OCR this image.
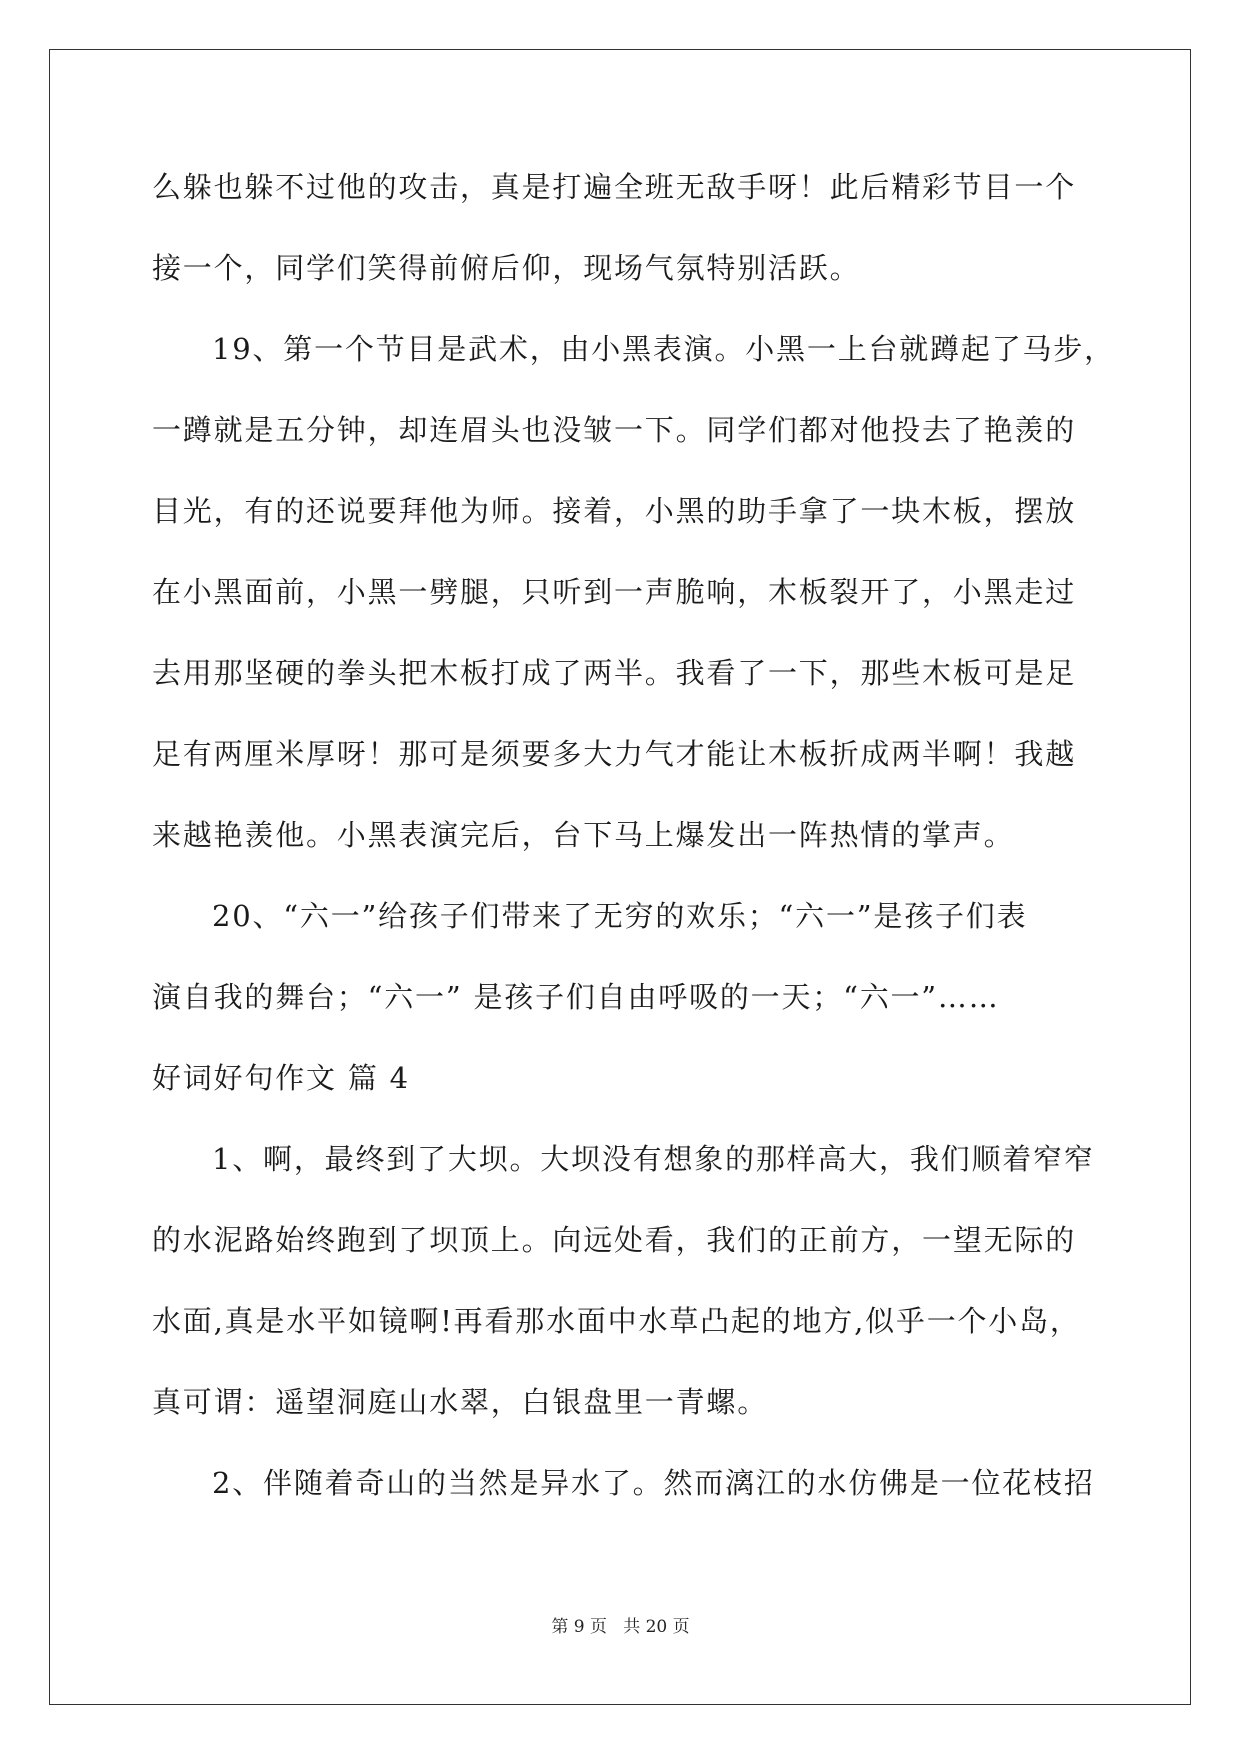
么躲也躲不过他的攻击，真是打遍全班无敌手呀！此后精彩节目一个
接一个，同学们笑得前俯后仰，现场气氛特别活跃。
19、第一个节目是武术，由小黑表演。小黑一上台就蹲起了马步，
一蹲就是五分钟，却连眉头也没皱一下。同学们都对他投去了艳羡的
目光，有的还说要拜他为师。接着，小黑的助手拿了一块木板，摆放
在小黑面前，小黑一劈腿，只听到一声脆响，木板裂开了，小黑走过
去用那坚硬的拳头把木板打成了两半。我看了一下，那些木板可是足
足有两厘米厚呀！那可是须要多大力气才能让木板折成两半啊！我越
来越艳羡他。小黑表演完后，台下马上爆发出一阵热情的掌声。
20、“六一”给孩子们带来了无穷的欢乐；“六一”是孩子们表
演自我的舞台；“六一” 是孩子们自由呼吸的一天；“六一”……
好词好句作文 篇 4
1、啊，最终到了大坝。大坝没有想象的那样高大，我们顺着窄窄
的水泥路始终跑到了坝顶上。向远处看，我们的正前方，一望无际的
水面,真是水平如镜啊!再看那水面中水草凸起的地方,似乎一个小岛，
真可谓：遥望洞庭山水翠，白银盘里一青螺。
2、伴随着奇山的当然是异水了。然而漓江的水仿佛是一位花枝招
第 9 页 共 20 页
